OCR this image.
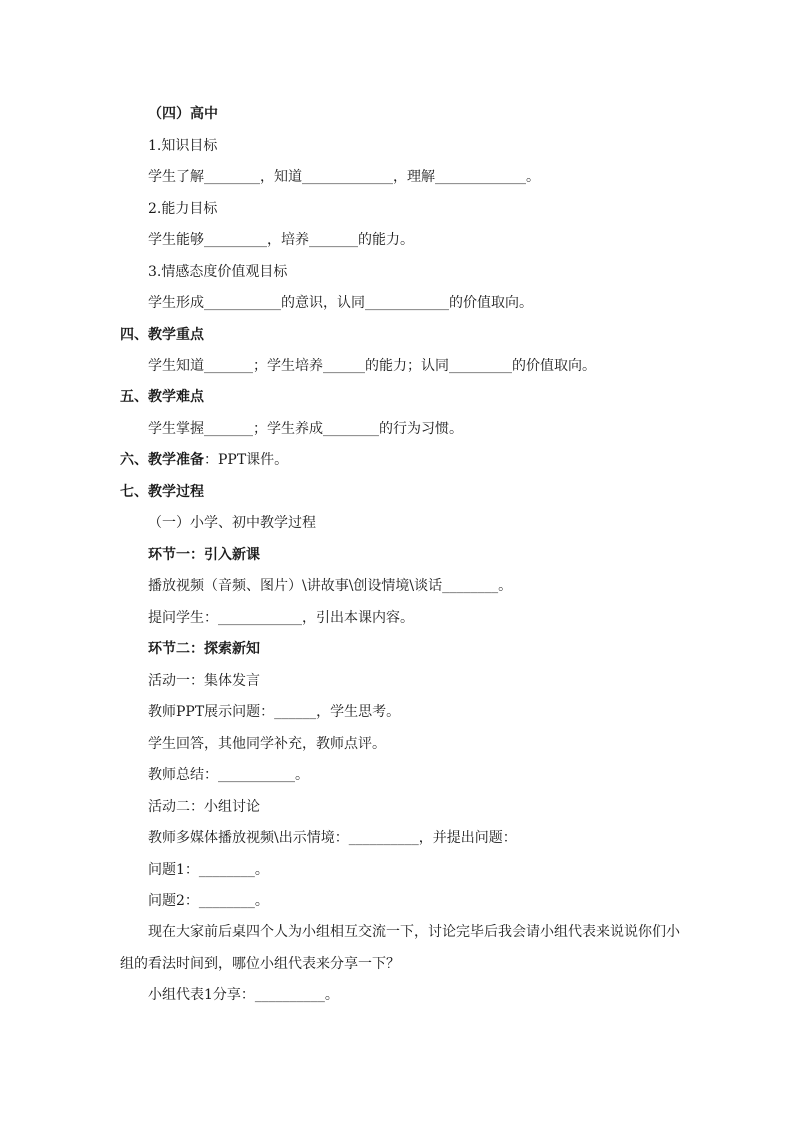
（四）高中
1.知识目标
学生了解________，知道_____________，理解_____________。
2.能力目标
学生能够_________，培养_______的能力。
3.情感态度价值观目标
学生形成___________的意识，认同____________的价值取向。
四、教学重点
学生知道_______；学生培养______的能力；认同_________的价值取向。
五、教学难点
学生掌握_______；学生养成________的行为习惯。
六、教学准备：PPT课件。
七、教学过程
（一）小学、初中教学过程
环节一：引入新课
播放视频（音频、图片）\讲故事\创设情境\谈话________。
提问学生：____________，引出本课内容。
环节二：探索新知
活动一：集体发言
教师PPT展示问题：______，学生思考。
学生回答，其他同学补充，教师点评。
教师总结：___________。
活动二：小组讨论
教师多媒体播放视频\出示情境：__________，并提出问题：
问题1：________。
问题2：________。
现在大家前后桌四个人为小组相互交流一下，讨论完毕后我会请小组代表来说说你们小
组的看法时间到，哪位小组代表来分享一下？
小组代表1分享：__________。
